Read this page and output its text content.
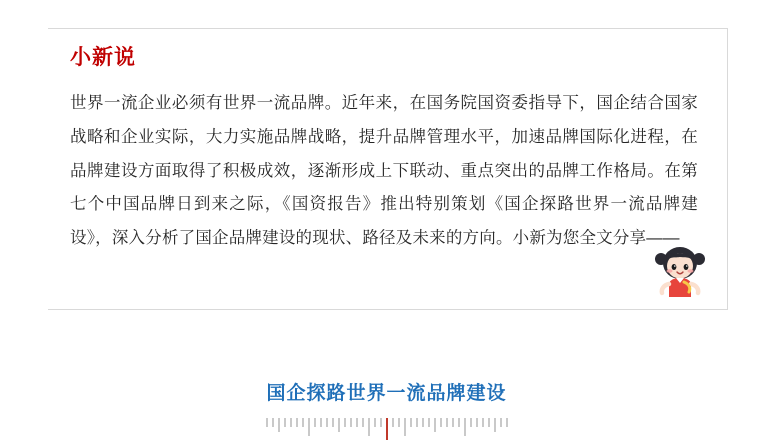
小新说
世界一流企业必须有世界一流品牌。近年来，在国务院国资委指导下，国企结合国家战略和企业实际，大力实施品牌战略，提升品牌管理水平，加速品牌国际化进程，在品牌建设方面取得了积极成效，逐渐形成上下联动、重点突出的品牌工作格局。在第七个中国品牌日到来之际，《国资报告》推出特别策划《国企探路世界一流品牌建设》，深入分析了国企品牌建设的现状、路径及未来的方向。小新为您全文分享——
国企探路世界一流品牌建设
